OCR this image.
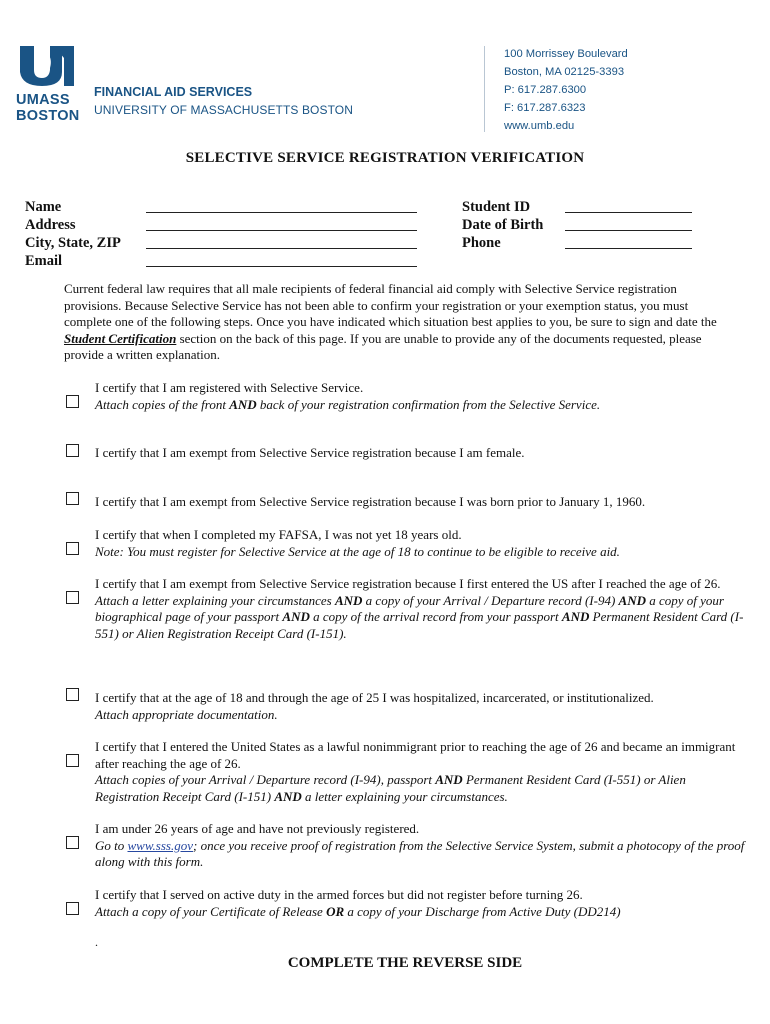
UMASS
BOSTON
FINANCIAL AID SERVICES
UNIVERSITY OF MASSACHUSETTS BOSTON
100 Morrissey Boulevard
Boston, MA 02125-3393
P: 617.287.6300
F: 617.287.6323
www.umb.edu
SELECTIVE SERVICE REGISTRATION VERIFICATION
Name
Address
City, State, ZIP
Email
Student ID
Date of Birth
Phone
Current federal law requires that all male recipients of federal financial aid comply with Selective Service registration provisions. Because Selective Service has not been able to confirm your registration or your exemption status, you must complete one of the following steps. Once you have indicated which situation best applies to you, be sure to sign and date the Student Certification section on the back of this page. If you are unable to provide any of the documents requested, please provide a written explanation.
I certify that I am registered with Selective Service.
Attach copies of the front AND back of your registration confirmation from the Selective Service.
I certify that I am exempt from Selective Service registration because I am female.
I certify that I am exempt from Selective Service registration because I was born prior to January 1, 1960.
I certify that when I completed my FAFSA, I was not yet 18 years old.
Note: You must register for Selective Service at the age of 18 to continue to be eligible to receive aid.
I certify that I am exempt from Selective Service registration because I first entered the US after I reached the age of 26.
Attach a letter explaining your circumstances AND a copy of your Arrival / Departure record (I-94) AND a copy of your biographical page of your passport AND a copy of the arrival record from your passport AND Permanent Resident Card (I-551) or Alien Registration Receipt Card (I-151).
I certify that at the age of 18 and through the age of 25 I was hospitalized, incarcerated, or institutionalized.
Attach appropriate documentation.
I certify that I entered the United States as a lawful nonimmigrant prior to reaching the age of 26 and became an immigrant after reaching the age of 26.
Attach copies of your Arrival / Departure record (I-94), passport AND Permanent Resident Card (I-551) or Alien Registration Receipt Card (I-151) AND a letter explaining your circumstances.
I am under 26 years of age and have not previously registered.
Go to www.sss.gov; once you receive proof of registration from the Selective Service System, submit a photocopy of the proof along with this form.
I certify that I served on active duty in the armed forces but did not register before turning 26.
Attach a copy of your Certificate of Release OR a copy of your Discharge from Active Duty (DD214)
.
COMPLETE THE REVERSE SIDE
